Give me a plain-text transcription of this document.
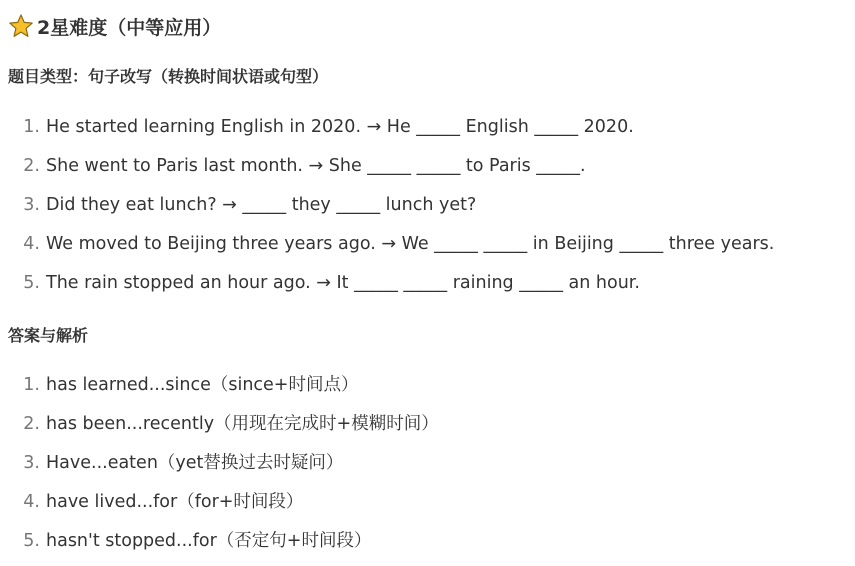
2星难度（中等应用）
题目类型：句子改写（转换时间状语或句型）
1. He started learning English in 2020. → He _____ English _____ 2020.
2. She went to Paris last month. → She _____ _____ to Paris _____.
3. Did they eat lunch? → _____ they _____ lunch yet?
4. We moved to Beijing three years ago. → We _____ _____ in Beijing _____ three years.
5. The rain stopped an hour ago. → It _____ _____ raining _____ an hour.
答案与解析
1. has learned...since（since+时间点）
2. has been...recently（用现在完成时+模糊时间）
3. Have...eaten（yet替换过去时疑问）
4. have lived...for（for+时间段）
5. hasn't stopped...for（否定句+时间段）
